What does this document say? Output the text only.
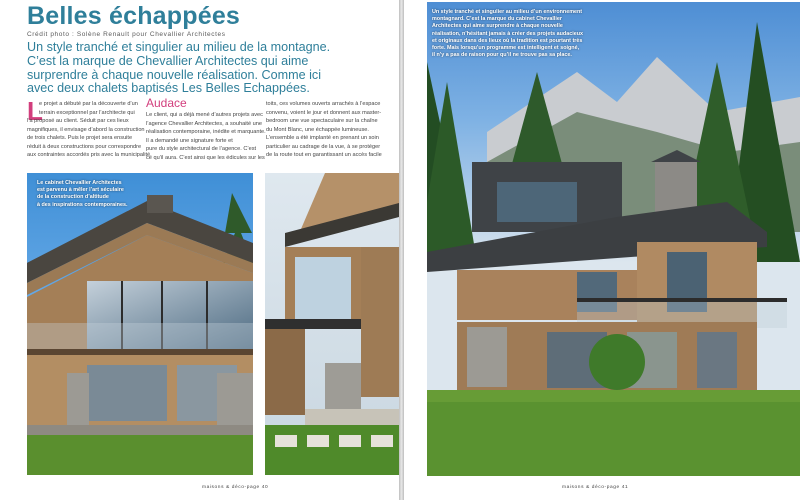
Belles échappées
Crédit photo : Solène Renault pour Chevallier Architectes
Un style tranché et singulier au milieu de la montagne.
C’est la marque de Chevallier Architectes qui aime
surprendre à chaque nouvelle réalisation. Comme ici
avec deux chalets baptisés Les Belles Echappées.
L
e projet a débuté par la découverte d’un
terrain exceptionnel par l’architecte qui
l’a proposé au client. Séduit par ces lieux
magnifiques, il envisage d’abord la construction
de trois chalets. Puis le projet sera ensuite
réduit à deux constructions pour correspondre
aux contraintes accordés pris avec la municipalité.
Audace
Le client, qui a déjà mené d’autres projets avec
l’agence Chevallier Architectes, a souhaité une
réalisation contemporaine, inédite et marquante.
Il a demandé une signature forte et
pure du style architectural de l’agence. C’est
ce qu’il aura. C’est ainsi que les édicules sur les
toits, ces volumes ouverts arrachés à l’espace
convenu, voient le jour et donnent aux master-
bedroom une vue spectaculaire sur la chaîne
du Mont Blanc, une échappée lumineuse.
L’ensemble a été implanté en prenant un soin
particulier au cadrage de la vue, à se protéger
de la route tout en garantissant un accès facile
Le cabinet Chevallier Architectes
est parvenu à mêler l’art séculaire
de la construction d’altitude
à des inspirations contemporaines.
maisons & déco-page 40	maisons & déco-page 41
Un style tranché et singulier au milieu d’un environnement
montagnard. C’est la marque du cabinet Chevallier
Architectes qui aime surprendre à chaque nouvelle
réalisation, n’hésitant jamais à créer des projets audacieux
et originaux dans des lieux où la tradition est pourtant très
forte. Mais lorsqu’un programme est intelligent et soigné,
il n’y a pas de raison pour qu’il ne trouve pas sa place.
